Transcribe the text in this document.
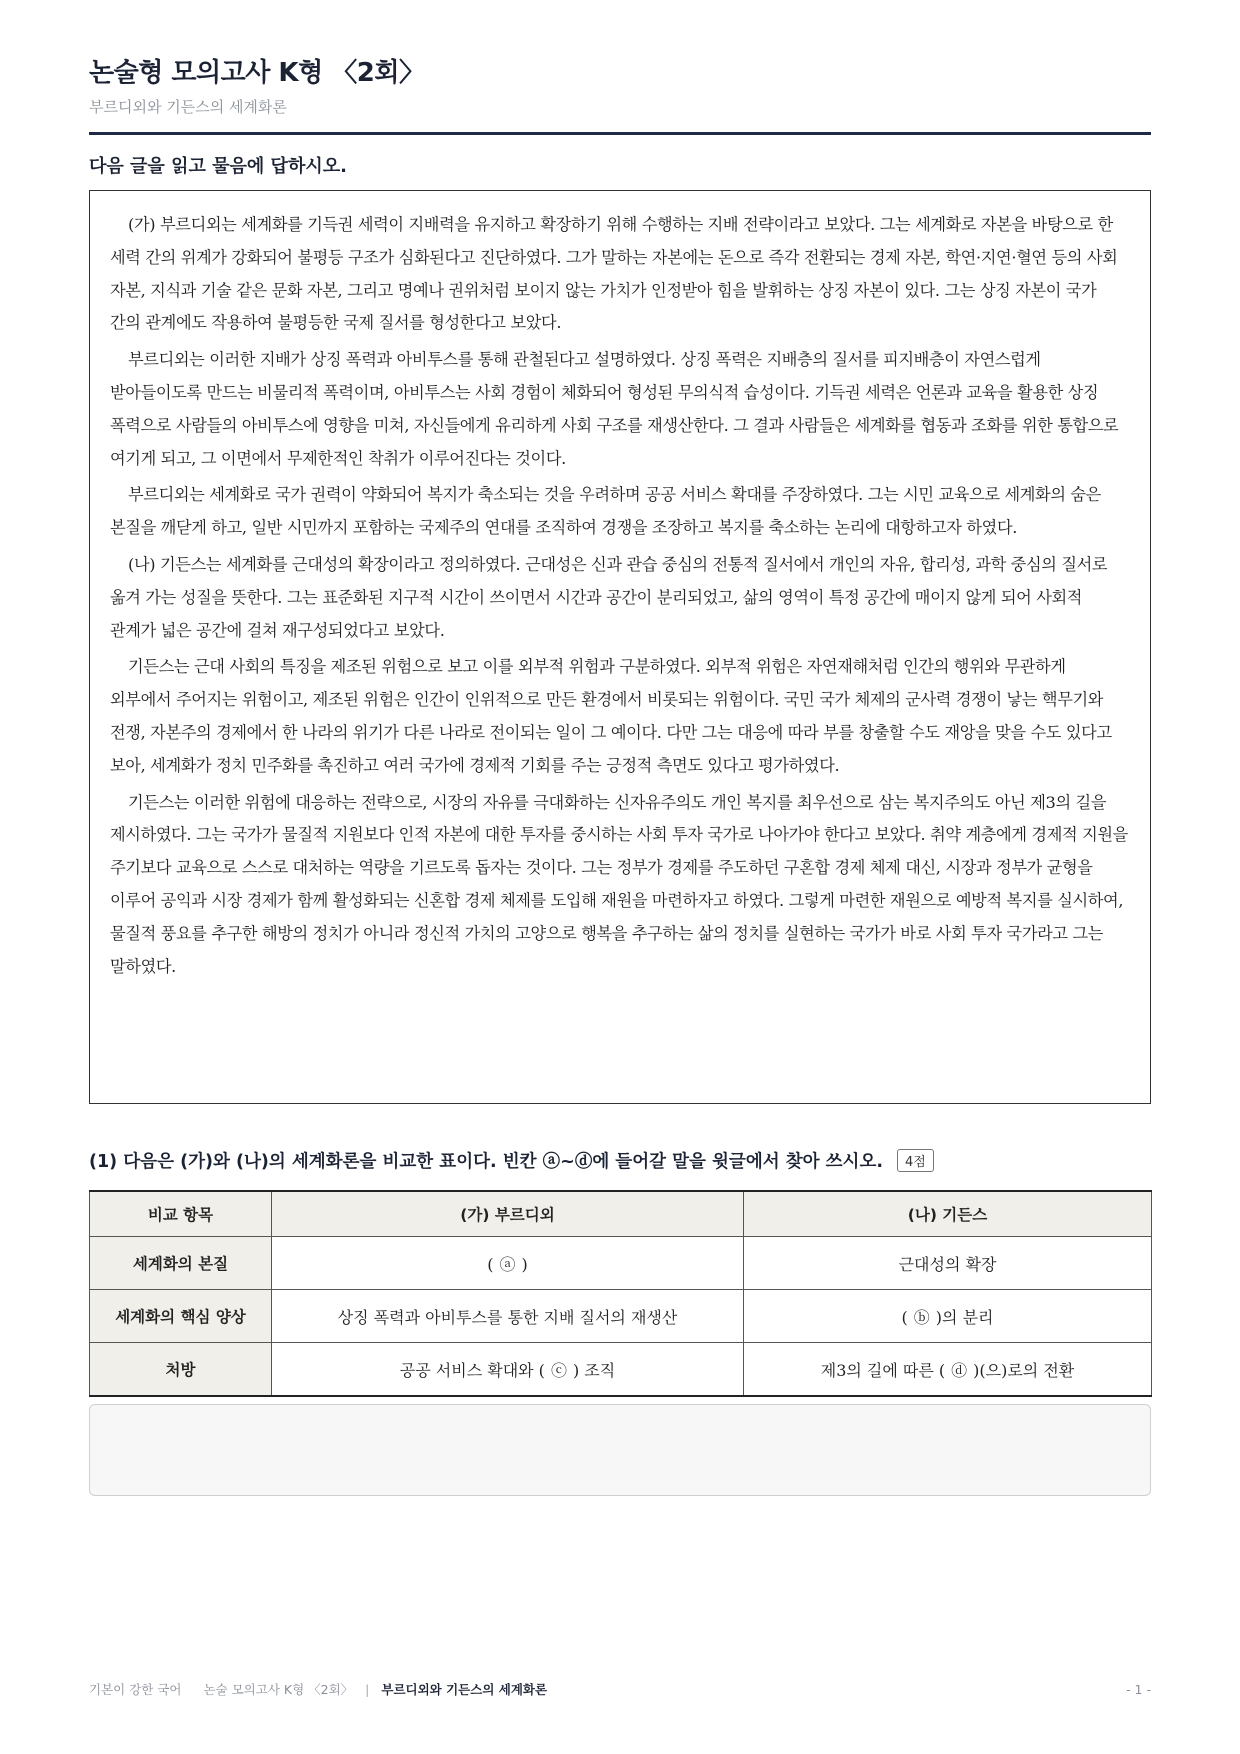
논술형 모의고사 K형 〈2회〉
부르디외와 기든스의 세계화론
다음 글을 읽고 물음에 답하시오.

(가) 부르디외는 세계화를 기득권 세력이 지배력을 유지하고 확장하기 위해 수행하는 지배 전략이라고 보았다. 그는 세계화로 자본을 바탕으로 한 세력 간의 위계가 강화되어 불평등 구조가 심화된다고 진단하였다. 그가 말하는 자본에는 돈으로 즉각 전환되는 경제 자본, 학연·지연·혈연 등의 사회 자본, 지식과 기술 같은 문화 자본, 그리고 명예나 권위처럼 보이지 않는 가치가 인정받아 힘을 발휘하는 상징 자본이 있다. 그는 상징 자본이 국가 간의 관계에도 작용하여 불평등한 국제 질서를 형성한다고 보았다.

부르디외는 이러한 지배가 상징 폭력과 아비투스를 통해 관철된다고 설명하였다. 상징 폭력은 지배층의 질서를 피지배층이 자연스럽게 받아들이도록 만드는 비물리적 폭력이며, 아비투스는 사회 경험이 체화되어 형성된 무의식적 습성이다. 기득권 세력은 언론과 교육을 활용한 상징 폭력으로 사람들의 아비투스에 영향을 미쳐, 자신들에게 유리하게 사회 구조를 재생산한다. 그 결과 사람들은 세계화를 협동과 조화를 위한 통합으로 여기게 되고, 그 이면에서 무제한적인 착취가 이루어진다는 것이다.

부르디외는 세계화로 국가 권력이 약화되어 복지가 축소되는 것을 우려하며 공공 서비스 확대를 주장하였다. 그는 시민 교육으로 세계화의 숨은 본질을 깨닫게 하고, 일반 시민까지 포함하는 국제주의 연대를 조직하여 경쟁을 조장하고 복지를 축소하는 논리에 대항하고자 하였다.

(나) 기든스는 세계화를 근대성의 확장이라고 정의하였다. 근대성은 신과 관습 중심의 전통적 질서에서 개인의 자유, 합리성, 과학 중심의 질서로 옮겨 가는 성질을 뜻한다. 그는 표준화된 지구적 시간이 쓰이면서 시간과 공간이 분리되었고, 삶의 영역이 특정 공간에 매이지 않게 되어 사회적 관계가 넓은 공간에 걸쳐 재구성되었다고 보았다.

기든스는 근대 사회의 특징을 제조된 위험으로 보고 이를 외부적 위험과 구분하였다. 외부적 위험은 자연재해처럼 인간의 행위와 무관하게 외부에서 주어지는 위험이고, 제조된 위험은 인간이 인위적으로 만든 환경에서 비롯되는 위험이다. 국민 국가 체제의 군사력 경쟁이 낳는 핵무기와 전쟁, 자본주의 경제에서 한 나라의 위기가 다른 나라로 전이되는 일이 그 예이다. 다만 그는 대응에 따라 부를 창출할 수도 재앙을 맞을 수도 있다고 보아, 세계화가 정치 민주화를 촉진하고 여러 국가에 경제적 기회를 주는 긍정적 측면도 있다고 평가하였다.

기든스는 이러한 위험에 대응하는 전략으로, 시장의 자유를 극대화하는 신자유주의도 개인 복지를 최우선으로 삼는 복지주의도 아닌 제3의 길을 제시하였다. 그는 국가가 물질적 지원보다 인적 자본에 대한 투자를 중시하는 사회 투자 국가로 나아가야 한다고 보았다. 취약 계층에게 경제적 지원을 주기보다 교육으로 스스로 대처하는 역량을 기르도록 돕자는 것이다. 그는 정부가 경제를 주도하던 구혼합 경제 체제 대신, 시장과 정부가 균형을 이루어 공익과 시장 경제가 함께 활성화되는 신혼합 경제 체제를 도입해 재원을 마련하자고 하였다. 그렇게 마련한 재원으로 예방적 복지를 실시하여, 물질적 풍요를 추구한 해방의 정치가 아니라 정신적 가치의 고양으로 행복을 추구하는 삶의 정치를 실현하는 국가가 바로 사회 투자 국가라고 그는 말하였다.

(1) 다음은 (가)와 (나)의 세계화론을 비교한 표이다. 빈칸 ⓐ~ⓓ에 들어갈 말을 윗글에서 찾아 쓰시오.	4점
비교 항목	(가) 부르디외	(나) 기든스
세계화의 본질	( ⓐ )	근대성의 확장
세계화의 핵심 양상	상징 폭력과 아비투스를 통한 지배 질서의 재생산	( ⓑ )의 분리
처방	공공 서비스 확대와 ( ⓒ ) 조직	제3의 길에 따른 ( ⓓ )(으)로의 전환
기본이 강한 국어 논술 모의고사 K형 〈2회〉 | 부르디외와 기든스의 세계화론	- 1 -
